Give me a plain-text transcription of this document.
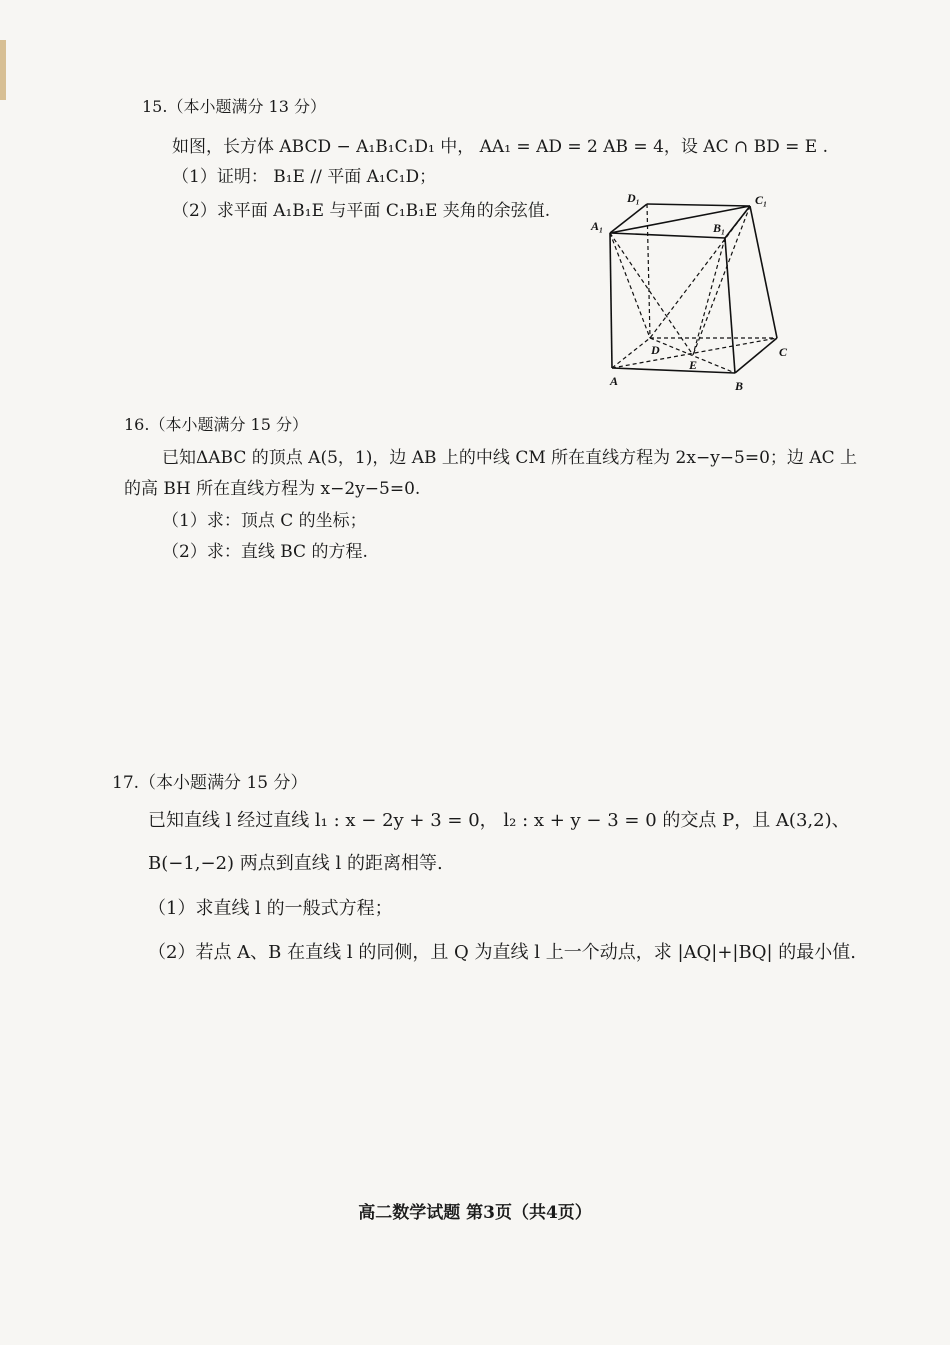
15.（本小题满分 13 分）
如图，长方体 ABCD − A₁B₁C₁D₁ 中， AA₁ = AD = 2 AB = 4，设 AC ∩ BD = E .
（1）证明： B₁E // 平面 A₁C₁D；
（2）求平面 A₁B₁E 与平面 C₁B₁E 夹角的余弦值.
D₁	C₁
A₁	B₁
D	C
E
A	B
16.（本小题满分 15 分）
已知ΔABC 的顶点 A(5，1)，边 AB 上的中线 CM 所在直线方程为 2x−y−5=0；边 AC 上
的高 BH 所在直线方程为 x−2y−5=0.
（1）求：顶点 C 的坐标；
（2）求：直线 BC 的方程.
17.（本小题满分 15 分）
已知直线 l 经过直线 l₁ : x − 2y + 3 = 0， l₂ : x + y − 3 = 0 的交点 P，且 A(3,2)、
B(−1,−2) 两点到直线 l 的距离相等.
（1）求直线 l 的一般式方程；
（2）若点 A、B 在直线 l 的同侧，且 Q 为直线 l 上一个动点，求 |AQ|+|BQ| 的最小值.
高二数学试题 第3页（共4页）
